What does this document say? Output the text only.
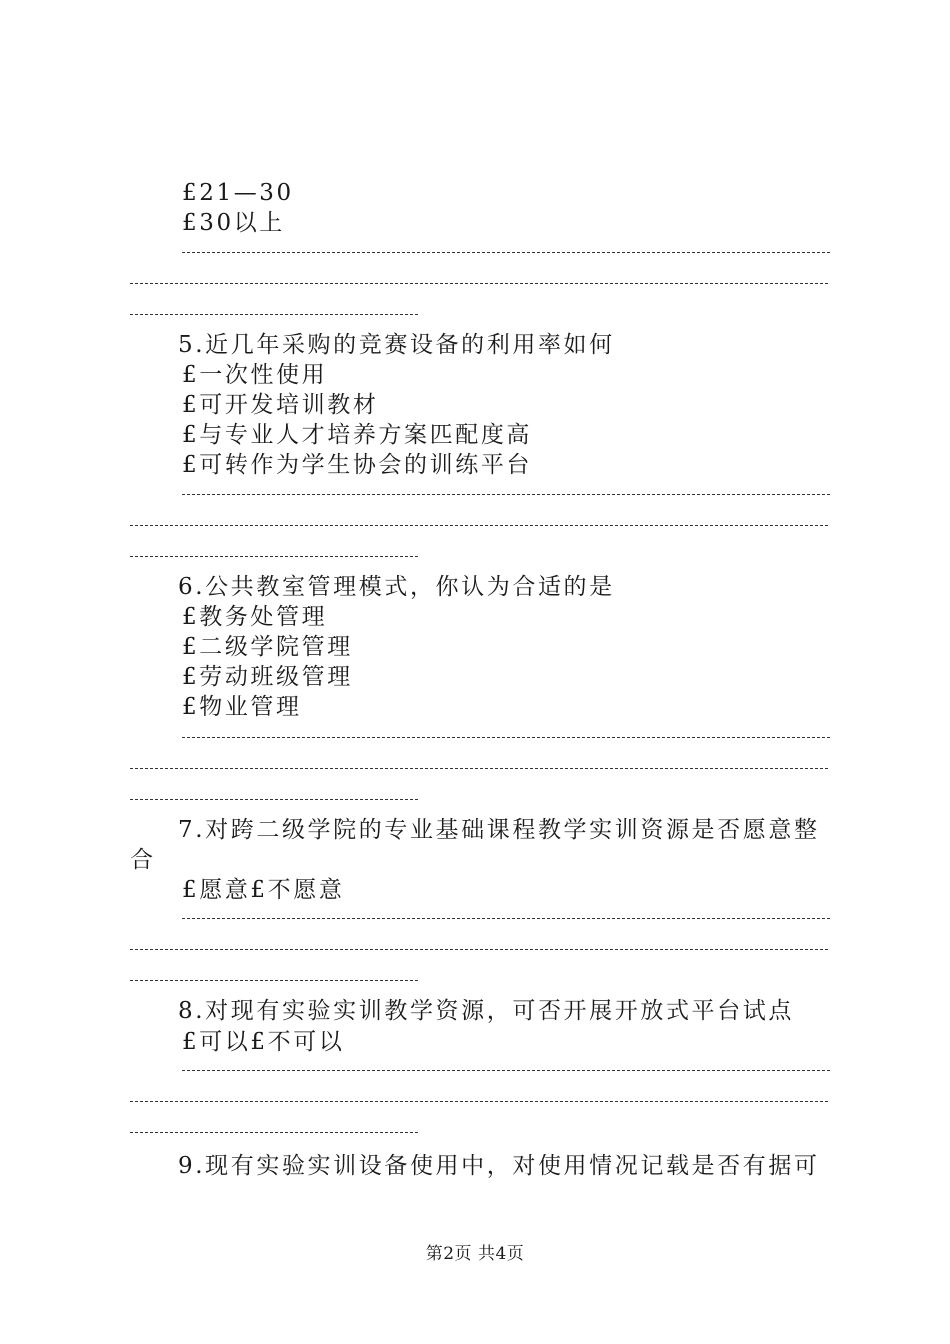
£21—30
£30以上
5.近几年采购的竞赛设备的利用率如何
£一次性使用
£可开发培训教材
£与专业人才培养方案匹配度高
£可转作为学生协会的训练平台
6.公共教室管理模式，你认为合适的是
£教务处管理
£二级学院管理
£劳动班级管理
£物业管理
7.对跨二级学院的专业基础课程教学实训资源是否愿意整
合
£愿意£不愿意
8.对现有实验实训教学资源，可否开展开放式平台试点
£可以£不可以
9.现有实验实训设备使用中，对使用情况记载是否有据可
第2页 共4页
